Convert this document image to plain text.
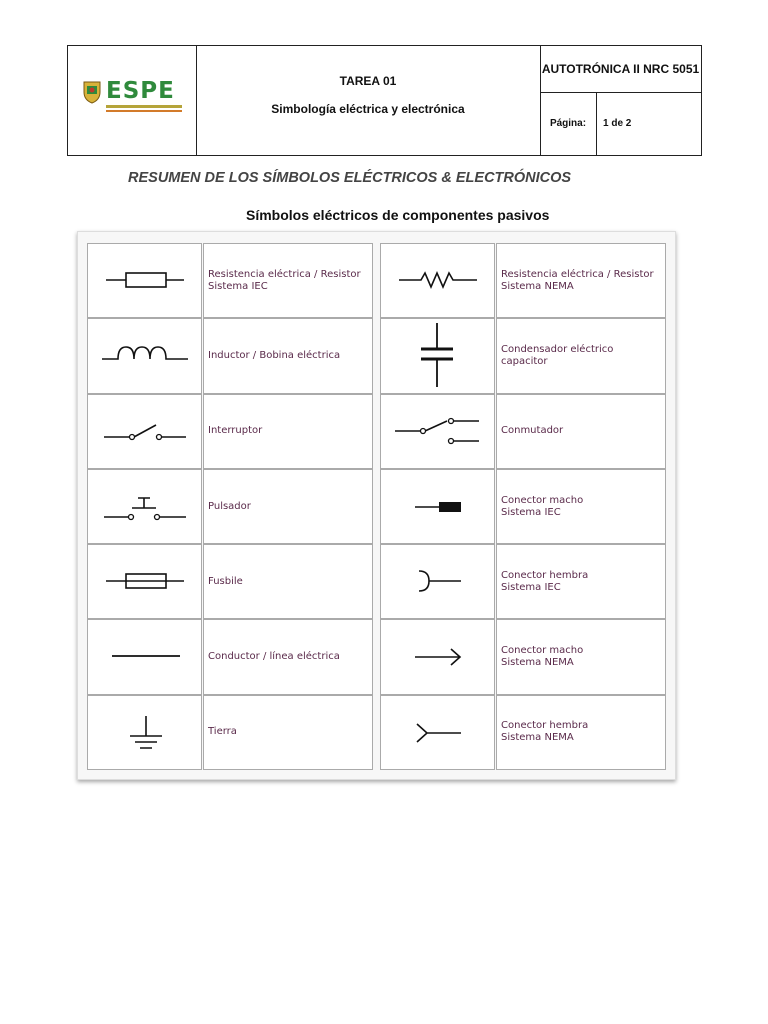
ESPE	TAREA 01
Simbología eléctrica y electrónica
AUTOTRÓNICA II NRC 5051
Página:	1 de 2
RESUMEN DE LOS SÍMBOLOS ELÉCTRICOS & ELECTRÓNICOS
Símbolos eléctricos de componentes pasivos
Resistencia eléctrica / Resistor
Sistema IEC
Inductor / Bobina eléctrica
Interruptor
Pulsador
Fusbile
Conductor / línea eléctrica
Tierra
Resistencia eléctrica / Resistor
Sistema NEMA
Condensador eléctrico
capacitor
Conmutador
Conector macho
Sistema IEC
Conector hembra
Sistema IEC
Conector macho
Sistema NEMA
Conector hembra
Sistema NEMA
